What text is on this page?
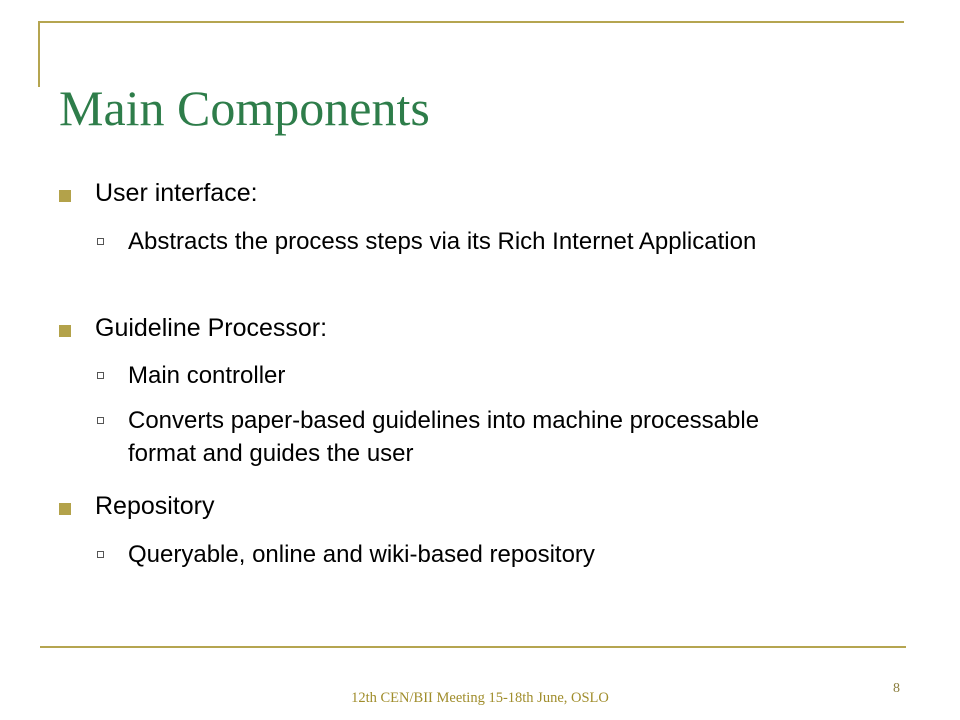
Main Components
User interface:
Abstracts the process steps via its Rich Internet Application
Guideline Processor:
Main controller
Converts paper-based guidelines into machine processable format and guides the user
Repository
Queryable, online and wiki-based repository
12th CEN/BII Meeting 15-18th June, OSLO
8
